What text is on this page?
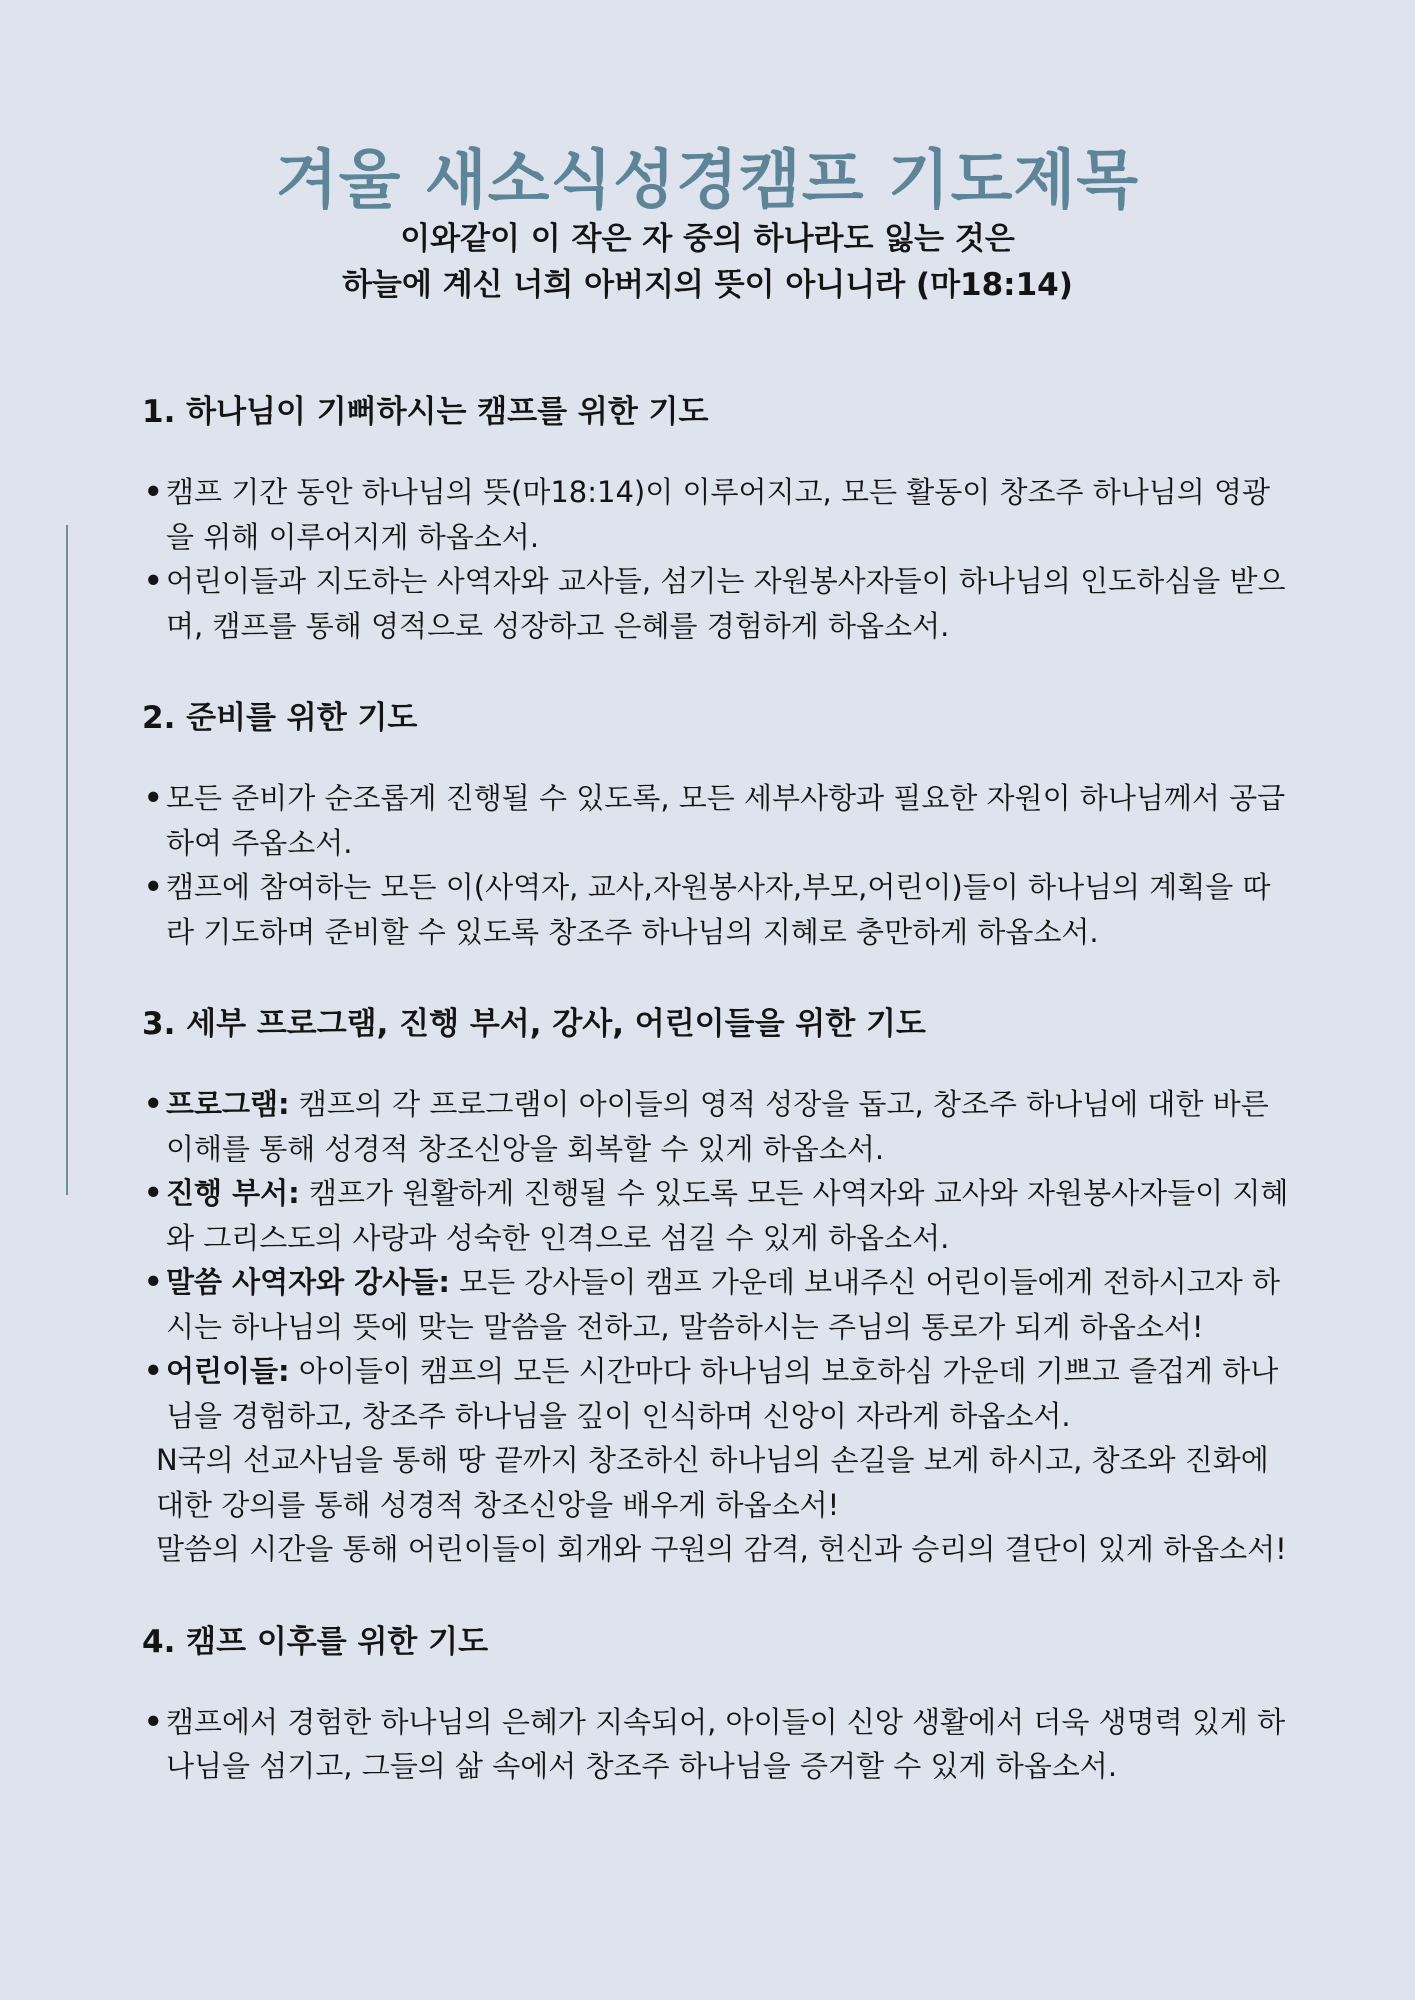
겨울 새소식성경캠프 기도제목
이와같이 이 작은 자 중의 하나라도 잃는 것은
하늘에 계신 너희 아버지의 뜻이 아니니라 (마18:14)
1. 하나님이 기뻐하시는 캠프를 위한 기도
• 캠프 기간 동안 하나님의 뜻(마18:14)이 이루어지고, 모든 활동이 창조주 하나님의 영광을 위해 이루어지게 하옵소서.
• 어린이들과 지도하는 사역자와 교사들, 섬기는 자원봉사자들이 하나님의 인도하심을 받으며, 캠프를 통해 영적으로 성장하고 은혜를 경험하게 하옵소서.
2. 준비를 위한 기도
• 모든 준비가 순조롭게 진행될 수 있도록, 모든 세부사항과 필요한 자원이 하나님께서 공급하여 주옵소서.
• 캠프에 참여하는 모든 이(사역자, 교사,자원봉사자,부모,어린이)들이 하나님의 계획을 따라 기도하며 준비할 수 있도록 창조주 하나님의 지혜로 충만하게 하옵소서.
3. 세부 프로그램, 진행 부서, 강사, 어린이들을 위한 기도
• 프로그램: 캠프의 각 프로그램이 아이들의 영적 성장을 돕고, 창조주 하나님에 대한 바른 이해를 통해 성경적 창조신앙을 회복할 수 있게 하옵소서.
• 진행 부서: 캠프가 원활하게 진행될 수 있도록 모든 사역자와 교사와 자원봉사자들이 지혜와 그리스도의 사랑과 성숙한 인격으로 섬길 수 있게 하옵소서.
• 말씀 사역자와 강사들: 모든 강사들이 캠프 가운데 보내주신 어린이들에게 전하시고자 하시는 하나님의 뜻에 맞는 말씀을 전하고, 말씀하시는 주님의 통로가 되게 하옵소서!
• 어린이들: 아이들이 캠프의 모든 시간마다 하나님의 보호하심 가운데 기쁘고 즐겁게 하나님을 경험하고, 창조주 하나님을 깊이 인식하며 신앙이 자라게 하옵소서.
N국의 선교사님을 통해 땅 끝까지 창조하신 하나님의 손길을 보게 하시고, 창조와 진화에 대한 강의를 통해 성경적 창조신앙을 배우게 하옵소서!
말씀의 시간을 통해 어린이들이 회개와 구원의 감격, 헌신과 승리의 결단이 있게 하옵소서!
4. 캠프 이후를 위한 기도
• 캠프에서 경험한 하나님의 은혜가 지속되어, 아이들이 신앙 생활에서 더욱 생명력 있게 하나님을 섬기고, 그들의 삶 속에서 창조주 하나님을 증거할 수 있게 하옵소서.
